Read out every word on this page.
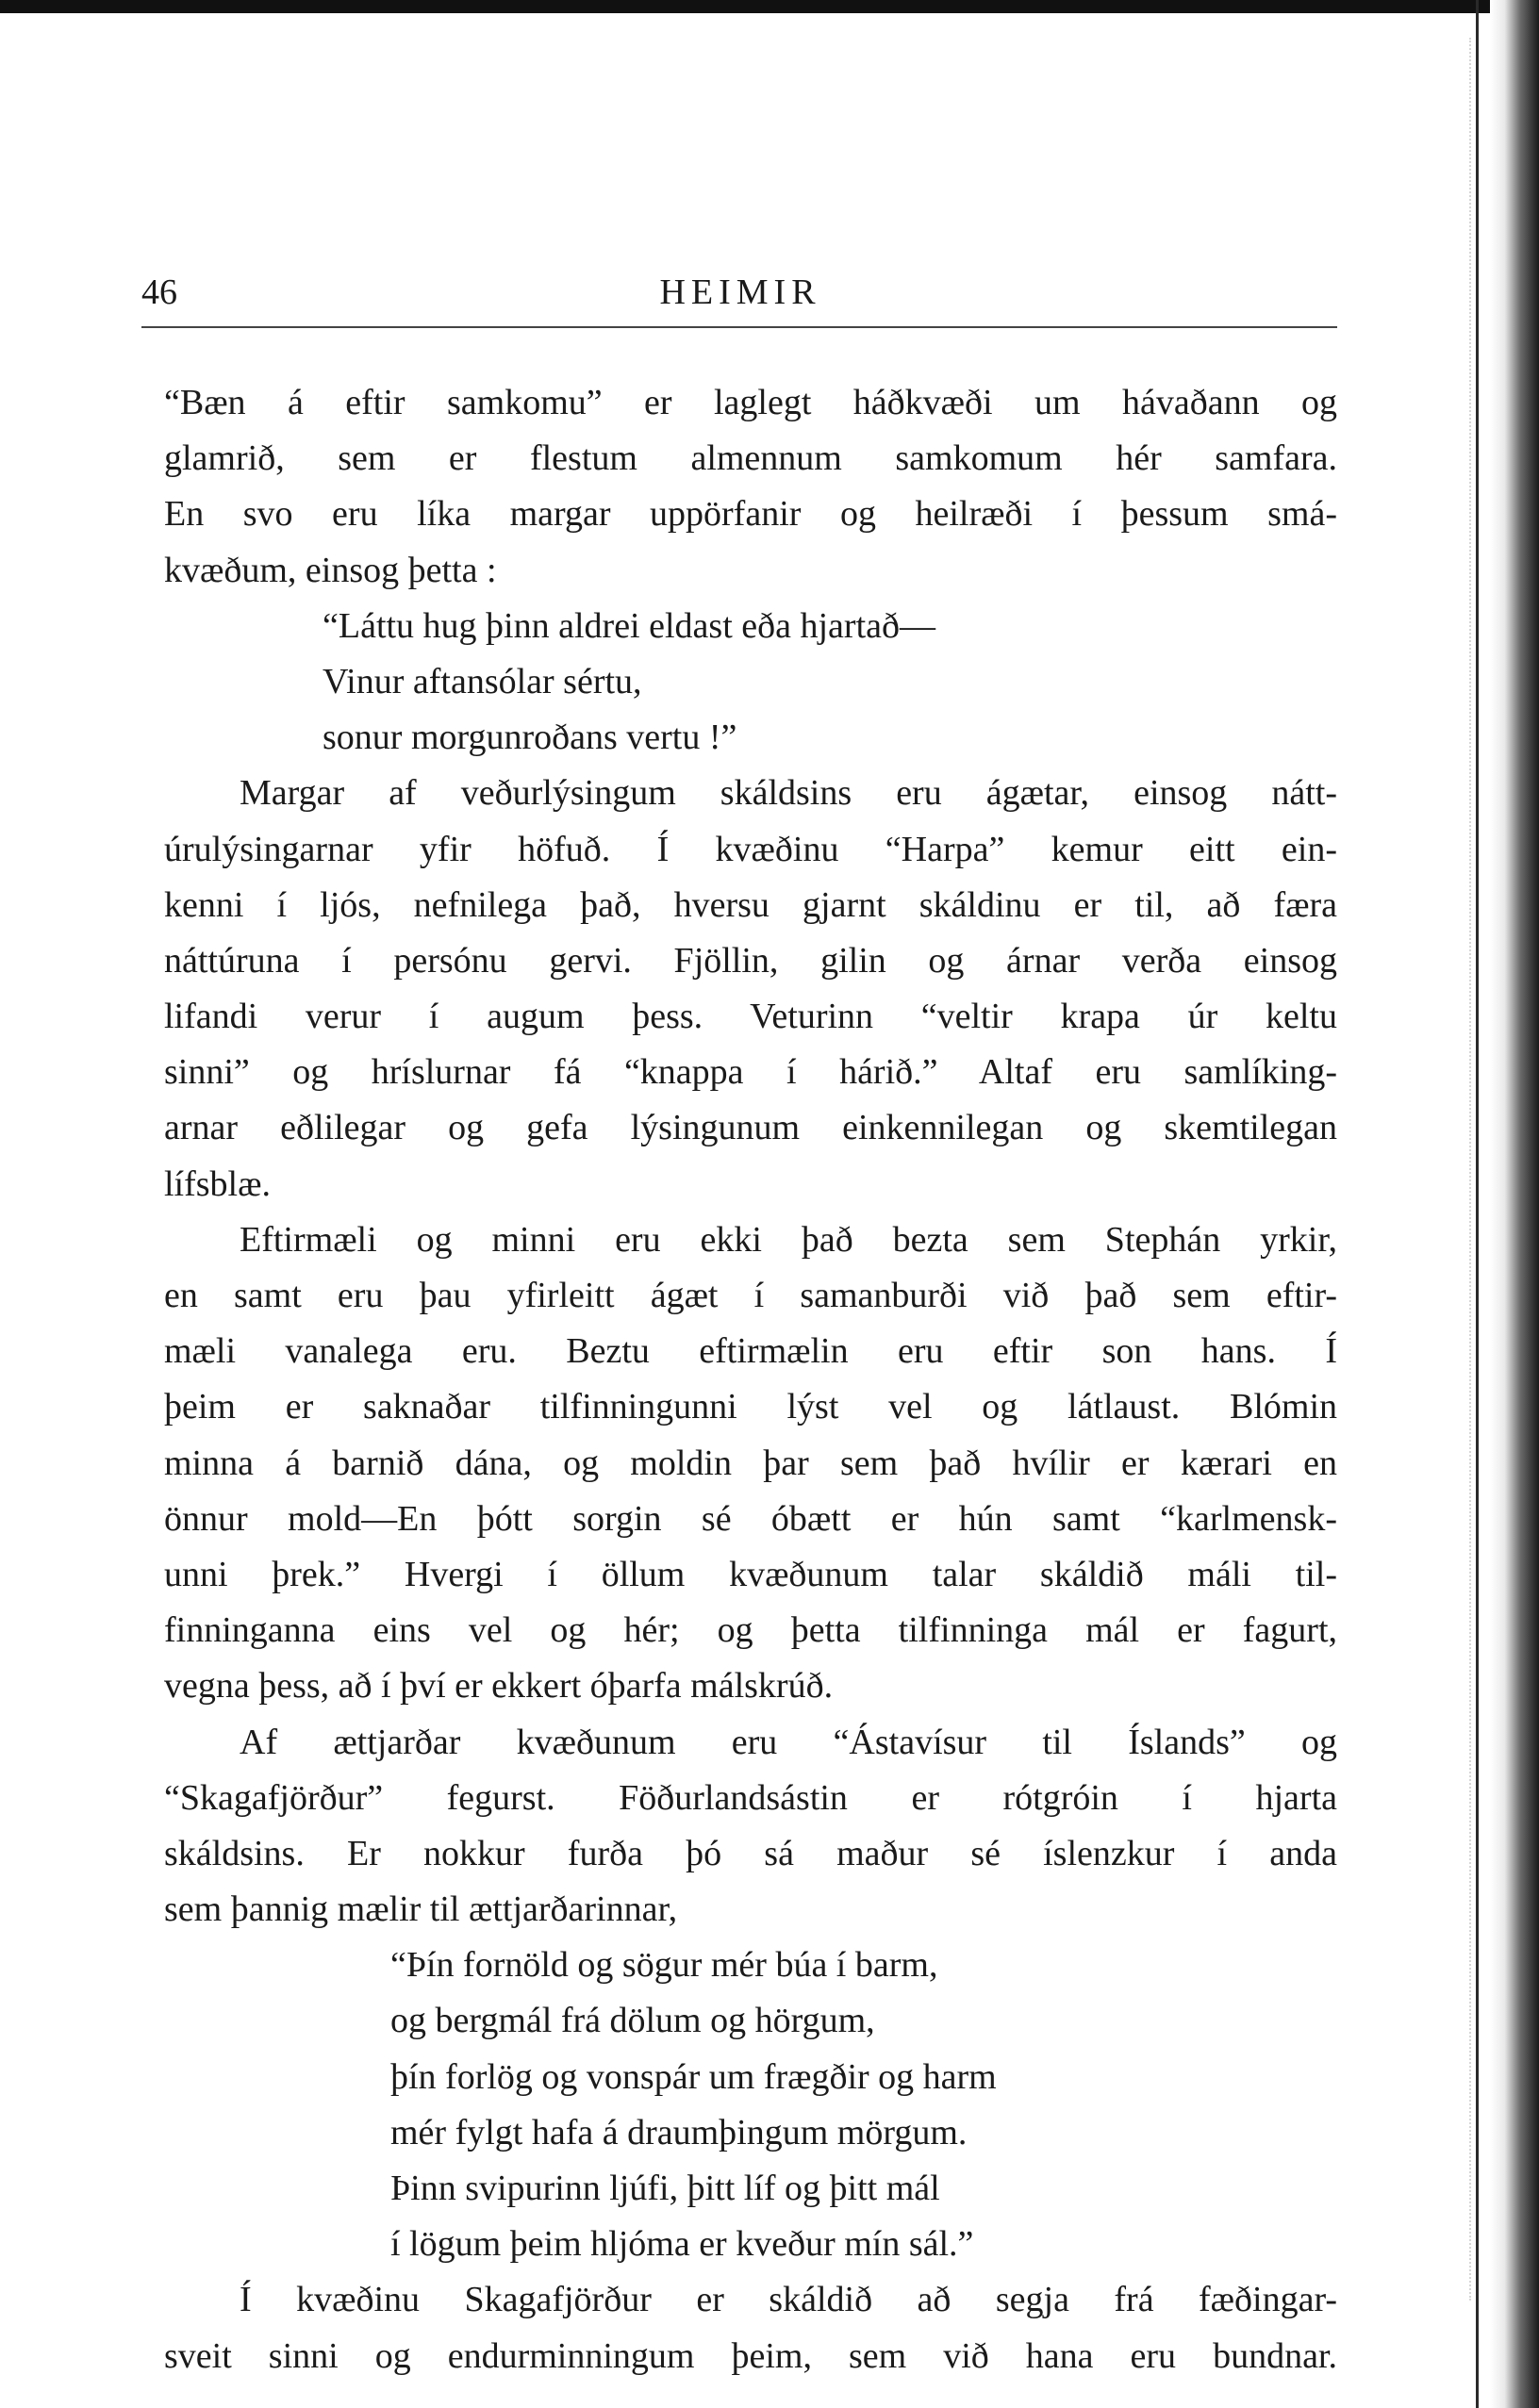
46	HEIMIR
“Bæn á eftir samkomu” er laglegt háðkvæði um hávaðann og
glamrið, sem er flestum almennum samkomum hér samfara.
En svo eru líka margar uppörfanir og heilræði í þessum smá-
kvæðum, einsog þetta :
“Láttu hug þinn aldrei eldast eða hjartað—
Vinur aftansólar sértu,
sonur morgunroðans vertu !”
Margar af veðurlýsingum skáldsins eru ágætar, einsog nátt-
úrulýsingarnar yfir höfuð. Í kvæðinu “Harpa” kemur eitt ein-
kenni í ljós, nefnilega það, hversu gjarnt skáldinu er til, að færa
náttúruna í persónu gervi. Fjöllin, gilin og árnar verða einsog
lifandi verur í augum þess. Veturinn “veltir krapa úr keltu
sinni” og hríslurnar fá “knappa í hárið.” Altaf eru samlíking-
arnar eðlilegar og gefa lýsingunum einkennilegan og skemtilegan
lífsblæ.
Eftirmæli og minni eru ekki það bezta sem Stephán yrkir,
en samt eru þau yfirleitt ágæt í samanburði við það sem eftir-
mæli vanalega eru. Beztu eftirmælin eru eftir son hans. Í
þeim er saknaðar tilfinningunni lýst vel og látlaust. Blómin
minna á barnið dána, og moldin þar sem það hvílir er kærari en
önnur mold—En þótt sorgin sé óbætt er hún samt “karlmensk-
unni þrek.” Hvergi í öllum kvæðunum talar skáldið máli til-
finninganna eins vel og hér; og þetta tilfinninga mál er fagurt,
vegna þess, að í því er ekkert óþarfa málskrúð.
Af ættjarðar kvæðunum eru “Ástavísur til Íslands” og
“Skagafjörður” fegurst. Föðurlandsástin er rótgróin í hjarta
skáldsins. Er nokkur furða þó sá maður sé íslenzkur í anda
sem þannig mælir til ættjarðarinnar,
“Þín fornöld og sögur mér búa í barm,
og bergmál frá dölum og hörgum,
þín forlög og vonspár um frægðir og harm
mér fylgt hafa á draumþingum mörgum.
Þinn svipurinn ljúfi, þitt líf og þitt mál
í lögum þeim hljóma er kveður mín sál.”
Í kvæðinu Skagafjörður er skáldið að segja frá fæðingar-
sveit sinni og endurminningum þeim, sem við hana eru bundnar.
